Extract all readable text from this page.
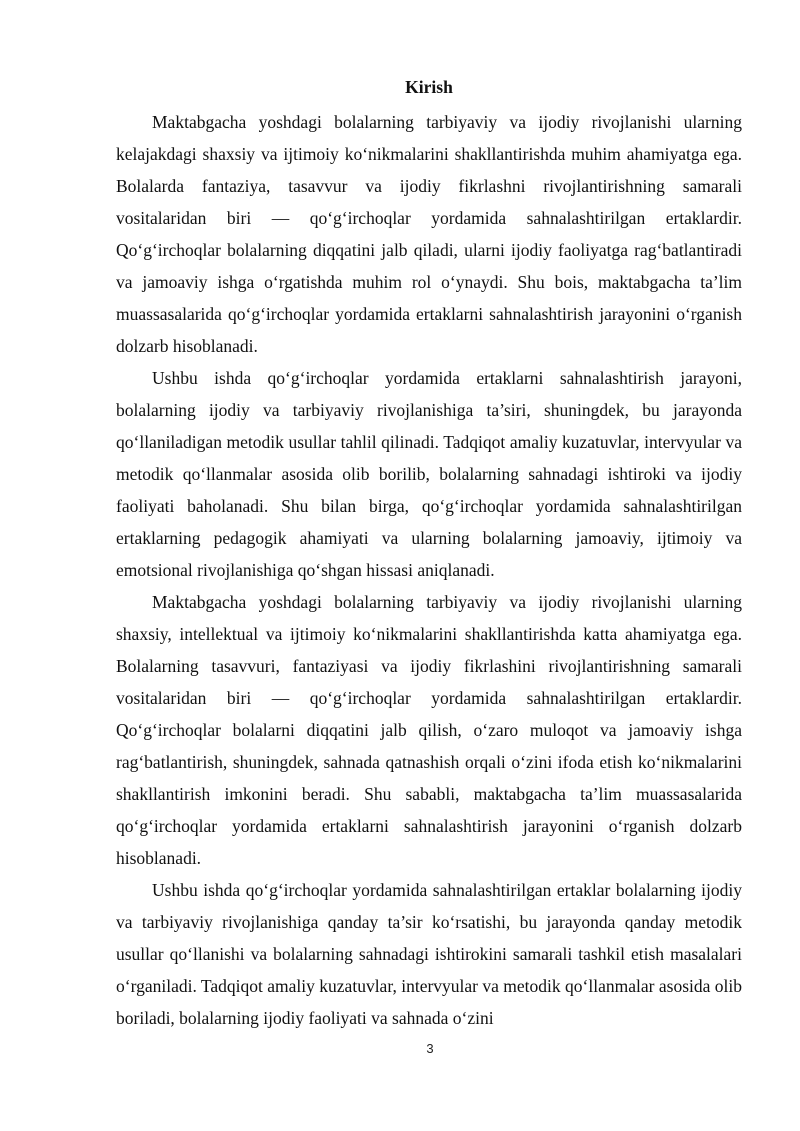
Kirish

Maktabgacha yoshdagi bolalarning tarbiyaviy va ijodiy rivojlanishi ularning kelajakdagi shaxsiy va ijtimoiy ko‘nikmalarini shakllantirishda muhim ahamiyatga ega. Bolalarda fantaziya, tasavvur va ijodiy fikrlashni rivojlantirishning samarali vositalaridan biri — qo‘g‘irchoqlar yordamida sahnalashtirilgan ertaklardir. Qo‘g‘irchoqlar bolalarning diqqatini jalb qiladi, ularni ijodiy faoliyatga rag‘batlantiradi va jamoaviy ishga o‘rgatishda muhim rol o‘ynaydi. Shu bois, maktabgacha ta’lim muassasalarida qo‘g‘irchoqlar yordamida ertaklarni sahnalashtirish jarayonini o‘rganish dolzarb hisoblanadi.

Ushbu ishda qo‘g‘irchoqlar yordamida ertaklarni sahnalashtirish jarayoni, bolalarning ijodiy va tarbiyaviy rivojlanishiga ta’siri, shuningdek, bu jarayonda qo‘llaniladigan metodik usullar tahlil qilinadi. Tadqiqot amaliy kuzatuvlar, intervyular va metodik qo‘llanmalar asosida olib borilib, bolalarning sahnadagi ishtiroki va ijodiy faoliyati baholanadi. Shu bilan birga, qo‘g‘irchoqlar yordamida sahnalashtirilgan ertaklarning pedagogik ahamiyati va ularning bolalarning jamoaviy, ijtimoiy va emotsional rivojlanishiga qo‘shgan hissasi aniqlanadi.

Maktabgacha yoshdagi bolalarning tarbiyaviy va ijodiy rivojlanishi ularning shaxsiy, intellektual va ijtimoiy ko‘nikmalarini shakllantirishda katta ahamiyatga ega. Bolalarning tasavvuri, fantaziyasi va ijodiy fikrlashini rivojlantirishning samarali vositalaridan biri — qo‘g‘irchoqlar yordamida sahnalashtirilgan ertaklardir. Qo‘g‘irchoqlar bolalarni diqqatini jalb qilish, o‘zaro muloqot va jamoaviy ishga rag‘batlantirish, shuningdek, sahnada qatnashish orqali o‘zini ifoda etish ko‘nikmalarini shakllantirish imkonini beradi. Shu sababli, maktabgacha ta’lim muassasalarida qo‘g‘irchoqlar yordamida ertaklarni sahnalashtirish jarayonini o‘rganish dolzarb hisoblanadi.

Ushbu ishda qo‘g‘irchoqlar yordamida sahnalashtirilgan ertaklar bolalarning ijodiy va tarbiyaviy rivojlanishiga qanday ta’sir ko‘rsatishi, bu jarayonda qanday metodik usullar qo‘llanishi va bolalarning sahnadagi ishtirokini samarali tashkil etish masalalari o‘rganiladi. Tadqiqot amaliy kuzatuvlar, intervyular va metodik qo‘llanmalar asosida olib boriladi, bolalarning ijodiy faoliyati va sahnada o‘zini

3
